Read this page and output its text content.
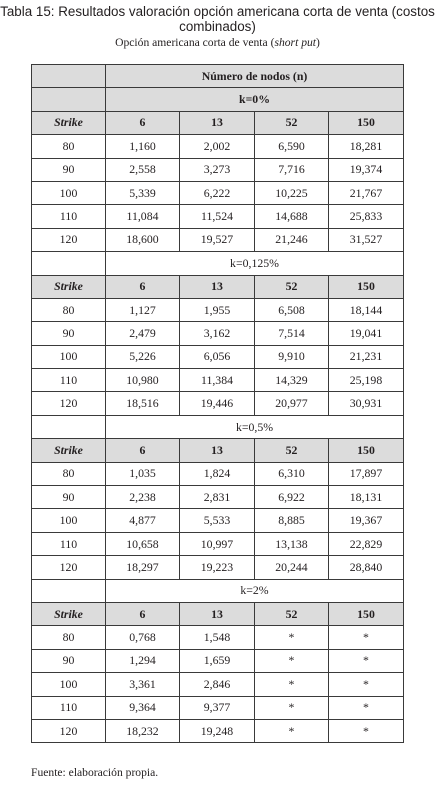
Tabla 15: Resultados valoración opción americana corta de venta (costos combinados)
Opción americana corta de venta (short put)
	Número de nodos (n)			
	k=0%			
Strike	6	13	52	150
80	1,160	2,002	6,590	18,281
90	2,558	3,273	7,716	19,374
100	5,339	6,222	10,225	21,767
110	11,084	11,524	14,688	25,833
120	18,600	19,527	21,246	31,527
	k=0,125%			
Strike	6	13	52	150
80	1,127	1,955	6,508	18,144
90	2,479	3,162	7,514	19,041
100	5,226	6,056	9,910	21,231
110	10,980	11,384	14,329	25,198
120	18,516	19,446	20,977	30,931
	k=0,5%			
Strike	6	13	52	150
80	1,035	1,824	6,310	17,897
90	2,238	2,831	6,922	18,131
100	4,877	5,533	8,885	19,367
110	10,658	10,997	13,138	22,829
120	18,297	19,223	20,244	28,840
	k=2%			
Strike	6	13	52	150
80	0,768	1,548	*	*
90	1,294	1,659	*	*
100	3,361	2,846	*	*
110	9,364	9,377	*	*
120	18,232	19,248	*	*
Fuente: elaboración propia.
